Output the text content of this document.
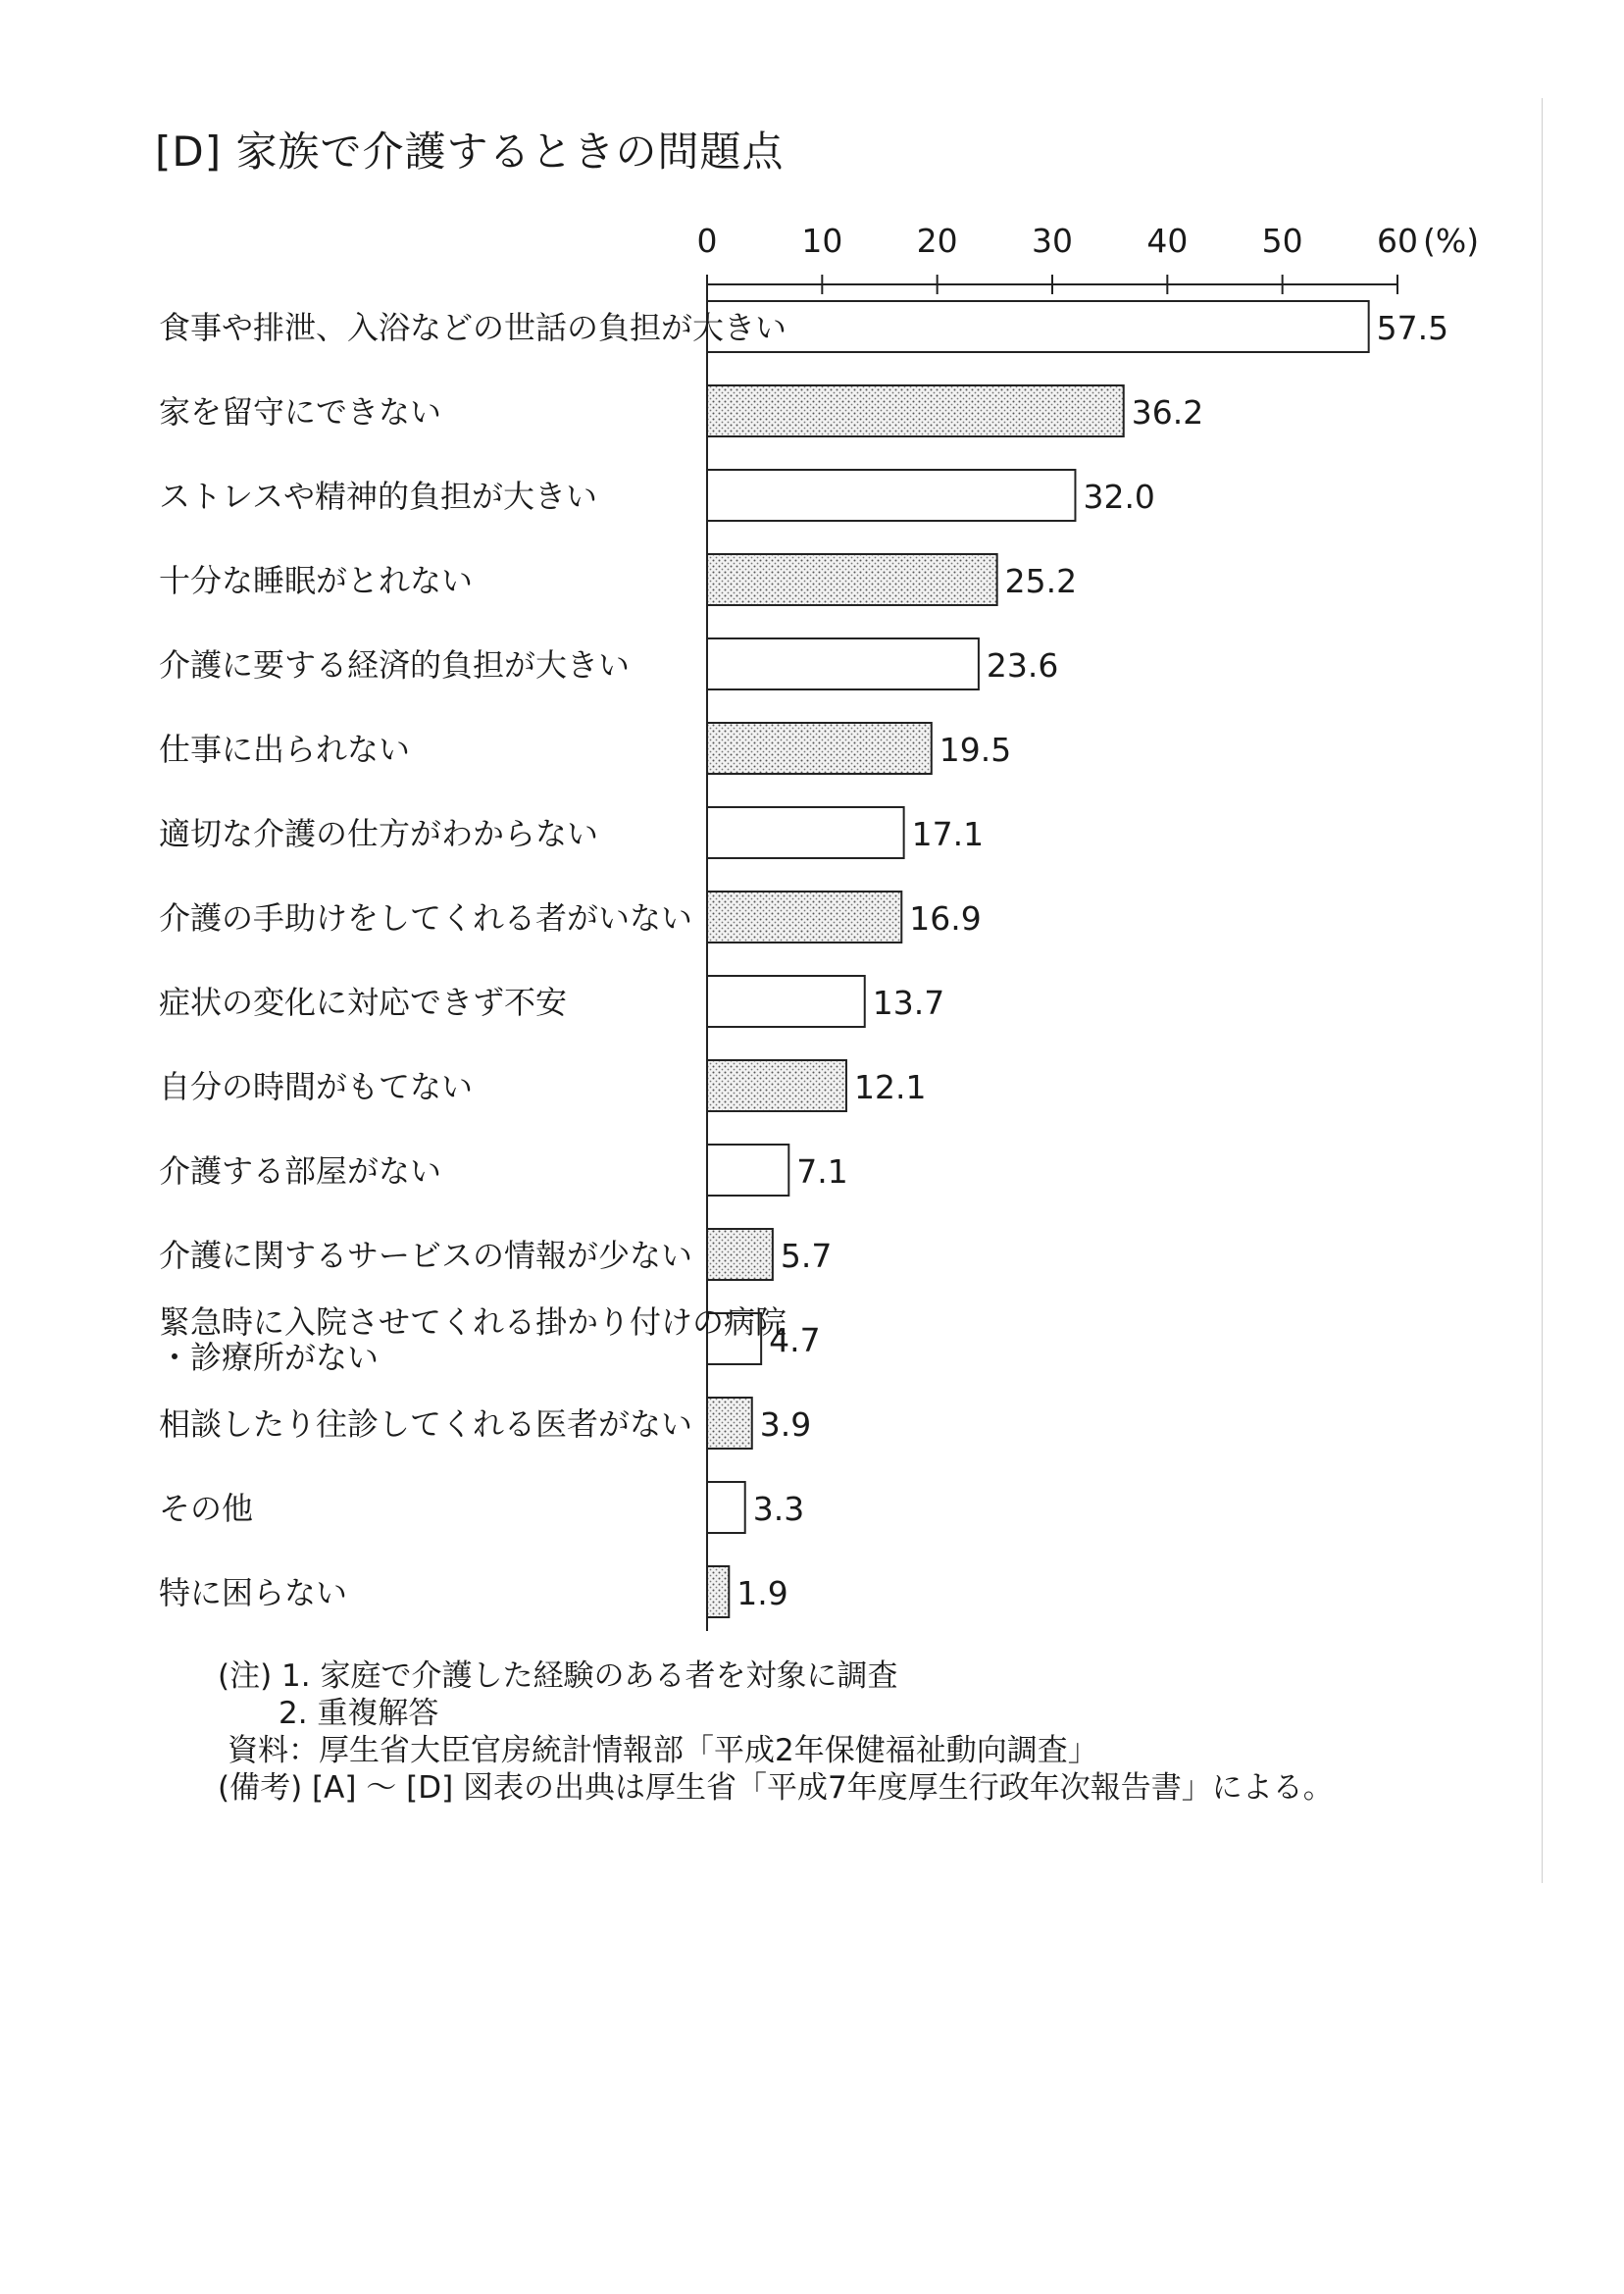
[D] 家族で介護するときの問題点
0	10 20 30 40 50 60 (%)
57.5
36.2
32.0
25.2
23.6
19.5
17.1
16.9
13.7
12.1
7.1
5.7
4.7
3.9
3.3
1.9
食事や排泄、入浴などの世話の負担が大きい
家を留守にできない
ストレスや精神的負担が大きい
十分な睡眠がとれない
介護に要する経済的負担が大きい
仕事に出られない
適切な介護の仕方がわからない
介護の手助けをしてくれる者がいない
症状の変化に対応できず不安
自分の時間がもてない
介護する部屋がない
介護に関するサービスの情報が少ない
緊急時に入院させてくれる掛かり付けの病院
・診療所がない
相談したり往診してくれる医者がない
その他
特に困らない
(注) 1. 家庭で介護した経験のある者を対象に調査
2. 重複解答
資料：厚生省大臣官房統計情報部「平成2年保健福祉動向調査」
(備考) [A] ～ [D] 図表の出典は厚生省「平成7年度厚生行政年次報告書」による。
